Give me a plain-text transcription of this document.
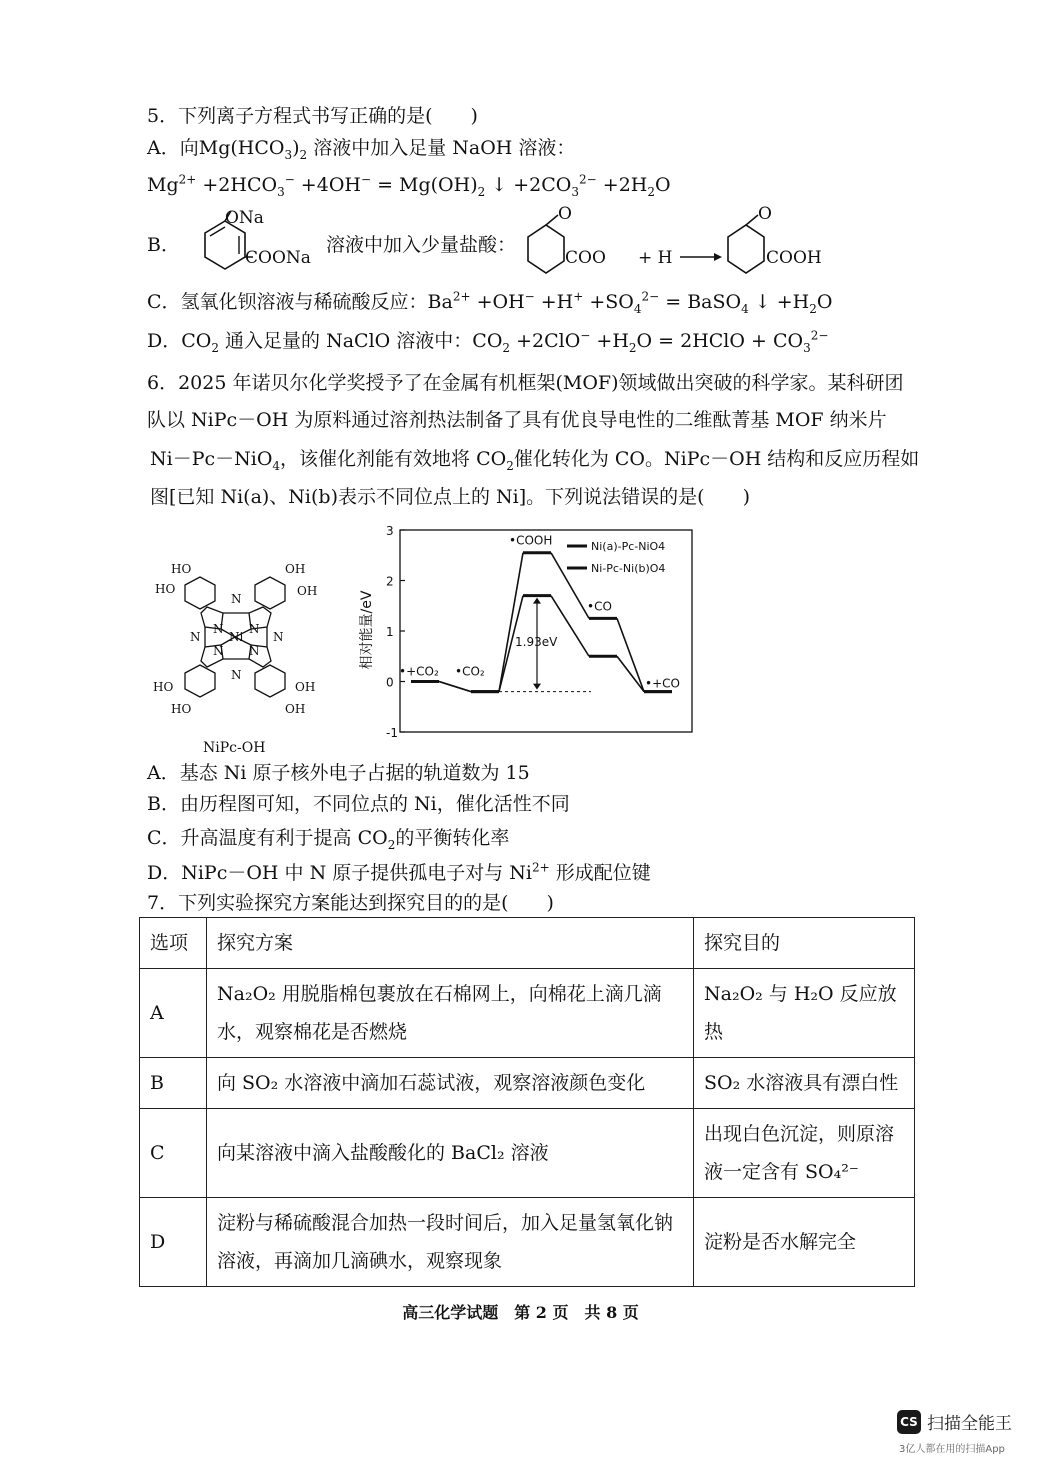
5．下列离子方程式书写正确的是(　　)
A．向$Mg(HCO_3)_2$ 溶液中加入足量 NaOH 溶液：
$Mg^{2+} +2HCO_3^- +4OH^- = Mg(OH)_2$ ↓ $+2CO_3^{2-} +2H_2O$
B．
ONa
COONa
溶液中加入少量盐酸：
O
COO + H
O
COOH
C．氢氧化钡溶液与稀硫酸反应：$Ba^{2+} +OH^- +H^+ +SO_4^{2-}$ = BaSO$_4$ ↓ $+H_2O$
D．$CO_2$ 通入足量的 NaClO 溶液中：$CO_2 +2ClO^- +H_2O$ = 2HClO + $CO_3^{2-}$
6．2025 年诺贝尔化学奖授予了在金属有机框架(MOF)领域做出突破的科学家。某科研团
队以 NiPc－OH 为原料通过溶剂热法制备了具有优良导电性的二维酞菁基 MOF 纳米片
Ni－Pc－NiO$_4$，该催化剂能有效地将 $CO_2$催化转化为 CO。NiPc－OH 结构和反应历程如
图[已知 Ni(a)、Ni(b)表示不同位点上的 Ni]。下列说法错误的是(　　)
HO
HO
OH
OH
HO
HO
OH
OH
N
N
N	N
N N
N N
Ni
NiPc-OH
相对能量/eV
3
2
1
0
-1
1.93eV
•+CO₂ •CO₂
•COOH
•CO
•+CO
Ni(a)-Pc-NiO4
Ni-Pc-Ni(b)O4
A．基态 Ni 原子核外电子占据的轨道数为 15
B．由历程图可知，不同位点的 Ni，催化活性不同
C．升高温度有利于提高 $CO_2$的平衡转化率
D．NiPc－OH 中 N 原子提供孤电子对与 $Ni^{2+}$ 形成配位键
7．下列实验探究方案能达到探究目的的是(　　)
选项	探究方案	探究目的
A	Na₂O₂ 用脱脂棉包裹放在石棉网上，向棉花上滴几滴水，观察棉花是否燃烧	Na₂O₂ 与 H₂O 反应放热
B	向 SO₂ 水溶液中滴加石蕊试液，观察溶液颜色变化	SO₂ 水溶液具有漂白性
C	向某溶液中滴入盐酸酸化的 BaCl₂ 溶液	出现白色沉淀，则原溶液一定含有 SO₄²⁻
D	淀粉与稀硫酸混合加热一段时间后，加入足量氢氧化钠溶液，再滴加几滴碘水，观察现象	淀粉是否水解完全
高三化学试题　第 2 页　共 8 页
CS 扫描全能王
3亿人都在用的扫描App
